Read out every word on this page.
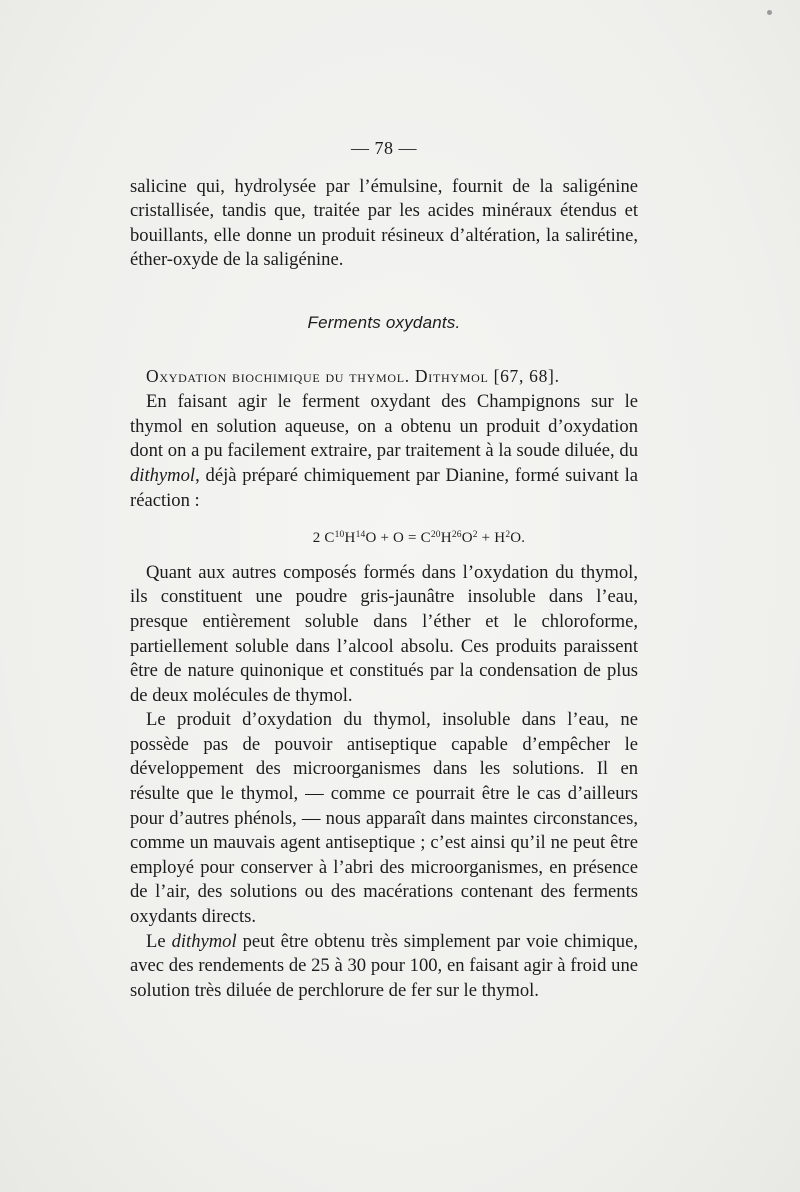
— 78 —

salicine qui, hydrolysée par l’émulsine, fournit de la saligénine cristallisée, tandis que, traitée par les acides minéraux étendus et bouillants, elle donne un produit résineux d’altération, la salirétine, éther-oxyde de la saligénine.

Ferments oxydants.

Oxydation biochimique du thymol. Dithymol [67, 68].

En faisant agir le ferment oxydant des Champignons sur le thymol en solution aqueuse, on a obtenu un produit d’oxydation dont on a pu facilement extraire, par traitement à la soude diluée, du dithymol, déjà préparé chimiquement par Dianine, formé suivant la réaction :

2 $C^{10}H^{14}O + O = C^{20}H^{26}O^2 + H^2O$.

Quant aux autres composés formés dans l’oxydation du thymol, ils constituent une poudre gris-jaunâtre insoluble dans l’eau, presque entièrement soluble dans l’éther et le chloroforme, partiellement soluble dans l’alcool absolu. Ces produits paraissent être de nature quinonique et constitués par la condensation de plus de deux molécules de thymol.

Le produit d’oxydation du thymol, insoluble dans l’eau, ne possède pas de pouvoir antiseptique capable d’empêcher le développement des microorganismes dans les solutions. Il en résulte que le thymol, — comme ce pourrait être le cas d’ailleurs pour d’autres phénols, — nous apparaît dans maintes circonstances, comme un mauvais agent antiseptique ; c’est ainsi qu’il ne peut être employé pour conserver à l’abri des microorganismes, en présence de l’air, des solutions ou des macérations contenant des ferments oxydants directs.

Le dithymol peut être obtenu très simplement par voie chimique, avec des rendements de 25 à 30 pour 100, en faisant agir à froid une solution très diluée de perchlorure de fer sur le thymol.
